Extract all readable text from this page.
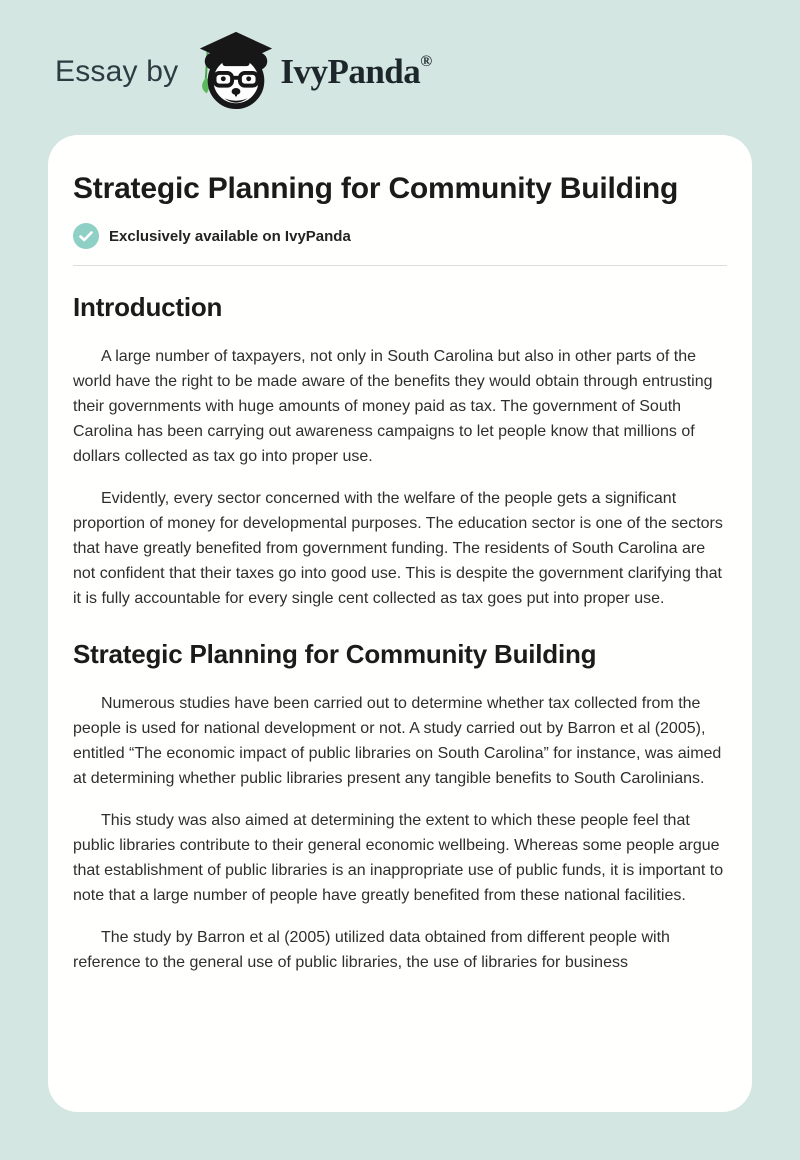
Essay by	IvyPanda ®
Strategic Planning for Community Building
Exclusively available on IvyPanda
Introduction

A large number of taxpayers, not only in South Carolina but also in other parts of the world have the right to be made aware of the benefits they would obtain through entrusting their governments with huge amounts of money paid as tax. The government of South Carolina has been carrying out awareness campaigns to let people know that millions of dollars collected as tax go into proper use.

Evidently, every sector concerned with the welfare of the people gets a significant proportion of money for developmental purposes. The education sector is one of the sectors that have greatly benefited from government funding. The residents of South Carolina are not confident that their taxes go into good use. This is despite the government clarifying that it is fully accountable for every single cent collected as tax goes put into proper use.

Strategic Planning for Community Building

Numerous studies have been carried out to determine whether tax collected from the people is used for national development or not. A study carried out by Barron et al (2005), entitled “The economic impact of public libraries on South Carolina” for instance, was aimed at determining whether public libraries present any tangible benefits to South Carolinians.

This study was also aimed at determining the extent to which these people feel that public libraries contribute to their general economic wellbeing. Whereas some people argue that establishment of public libraries is an inappropriate use of public funds, it is important to note that a large number of people have greatly benefited from these national facilities.

The study by Barron et al (2005) utilized data obtained from different people with reference to the general use of public libraries, the use of libraries for business
